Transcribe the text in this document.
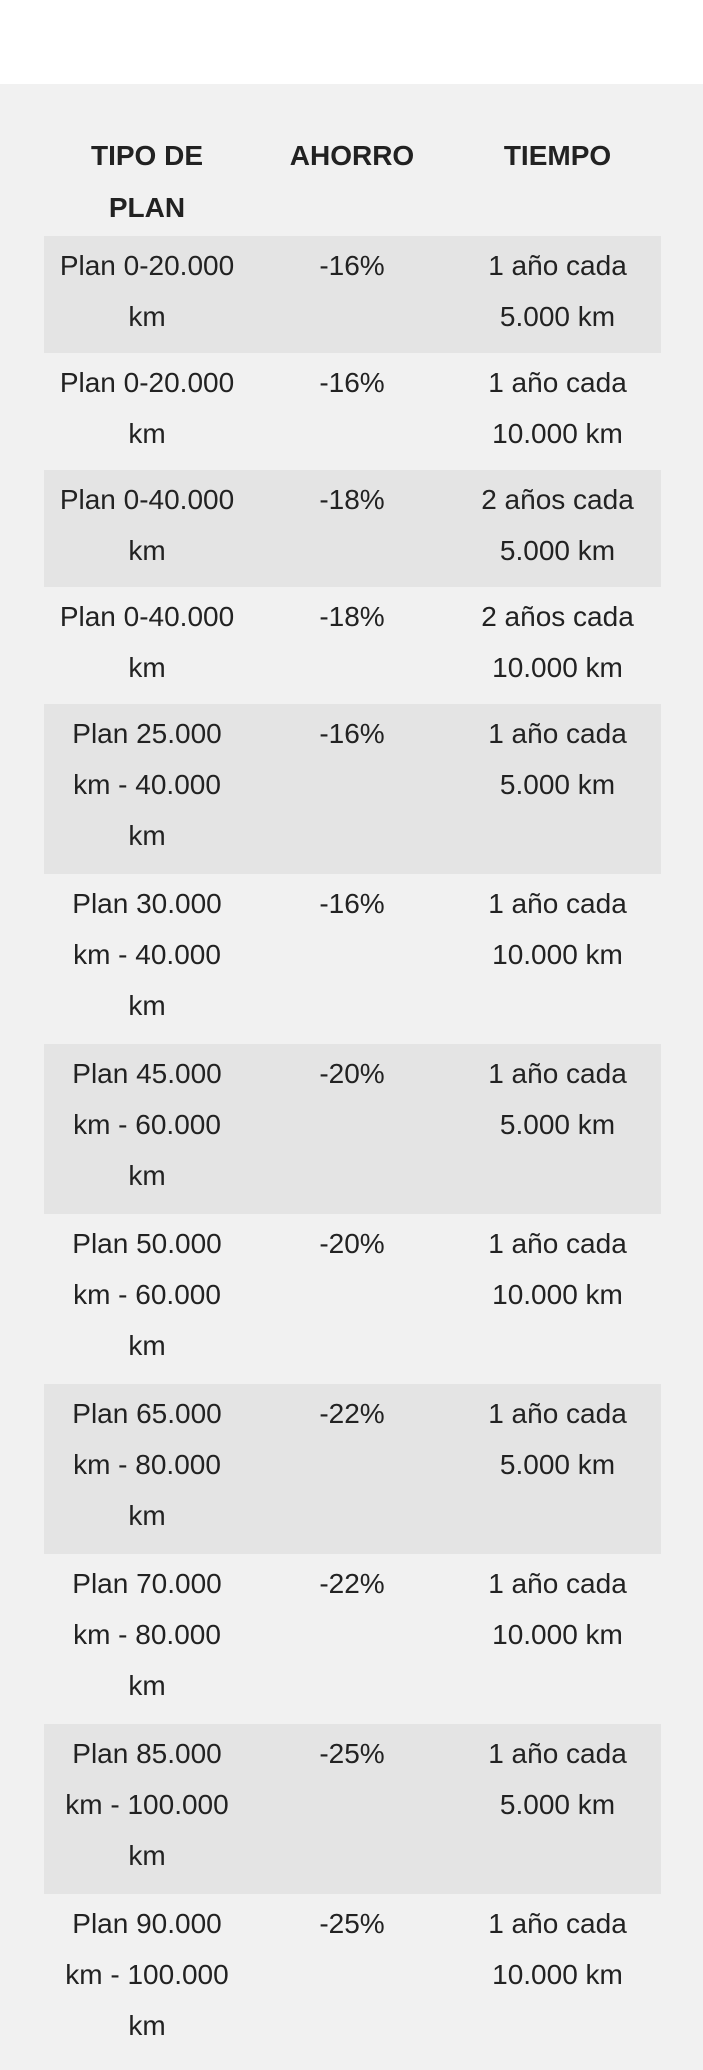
TIPO DE PLAN	AHORRO	TIEMPO
Plan 0-20.000 km	-16%	1 año cada 5.000 km
Plan 0-20.000 km	-16%	1 año cada 10.000 km
Plan 0-40.000 km	-18%	2 años cada 5.000 km
Plan 0-40.000 km	-18%	2 años cada 10.000 km
Plan 25.000 km - 40.000 km	-16%	1 año cada 5.000 km
Plan 30.000 km - 40.000 km	-16%	1 año cada 10.000 km
Plan 45.000 km - 60.000 km	-20%	1 año cada 5.000 km
Plan 50.000 km - 60.000 km	-20%	1 año cada 10.000 km
Plan 65.000 km - 80.000 km	-22%	1 año cada 5.000 km
Plan 70.000 km - 80.000 km	-22%	1 año cada 10.000 km
Plan 85.000 km - 100.000 km	-25%	1 año cada 5.000 km
Plan 90.000 km - 100.000 km	-25%	1 año cada 10.000 km
